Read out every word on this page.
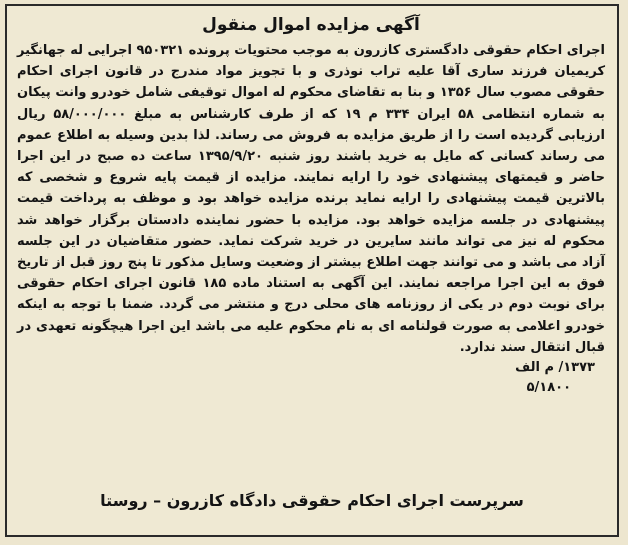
آگهی مزایده اموال منقول

اجرای احکام حقوقی دادگستری کازرون به موجب محتویات پرونده ۹۵۰۳۲۱ اجرایی له جهانگیر کریمیان فرزند ساری آقا علیه تراب نوذری و با تجویز مواد مندرج در قانون اجرای احکام حقوقی مصوب سال ۱۳۵۶ و بنا به تقاضای محکوم له اموال توقیفی شامل خودرو وانت پیکان به شماره انتظامی ۵۸ ایران ۳۳۴ م ۱۹ که از طرف کارشناس به مبلغ ۵۸/۰۰۰/۰۰۰ ریال ارزیابی گردیده است را از طریق مزایده به فروش می رساند. لذا بدین وسیله به اطلاع عموم می رساند کسانی که مایل به خرید باشند روز شنبه ۱۳۹۵/۹/۲۰ ساعت ده صبح در این اجرا حاضر و قیمتهای پیشنهادی خود را ارایه نمایند. مزایده از قیمت پایه شروع و شخصی که بالاترین قیمت پیشنهادی را ارایه نماید برنده مزایده خواهد بود و موظف به پرداخت قیمت پیشنهادی در جلسه مزایده خواهد بود. مزایده با حضور نماینده دادستان برگزار خواهد شد محکوم له نیز می تواند مانند سایرین در خرید شرکت نماید. حضور متقاضیان در این جلسه آزاد می باشد و می توانند جهت اطلاع بیشتر از وضعیت وسایل مذکور تا پنج روز قبل از تاریخ فوق به این اجرا مراجعه نمایند. این آگهی به استناد ماده ۱۸۵ قانون اجرای احکام حقوقی برای نوبت دوم در یکی از روزنامه های محلی درج و منتشر می گردد. ضمنا با توجه به اینکه خودرو اعلامی به صورت قولنامه ای به نام محکوم علیه می باشد این اجرا هیچگونه تعهدی در قبال انتقال سند ندارد.

۱۳۷۳/ م الف
۵/۱۸۰۰
سرپرست اجرای احکام حقوقی دادگاه کازرون – روستا
